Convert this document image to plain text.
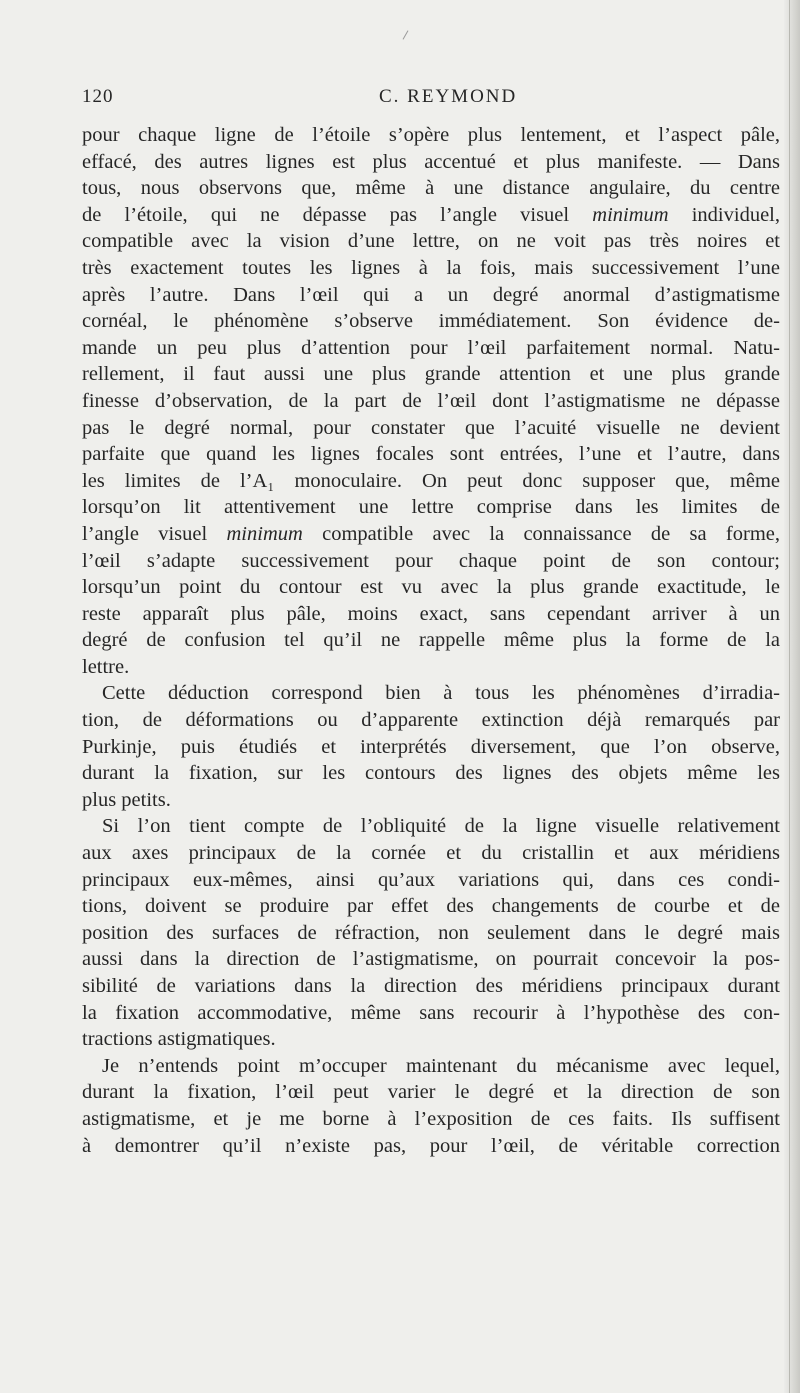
120	C. REYMOND
pour chaque ligne de l’étoile s’opère plus lentement, et l’aspect pâle,
effacé, des autres lignes est plus accentué et plus manifeste. — Dans
tous, nous observons que, même à une distance angulaire, du centre
de l’étoile, qui ne dépasse pas l’angle visuel minimum individuel,
compatible avec la vision d’une lettre, on ne voit pas très noires et
très exactement toutes les lignes à la fois, mais successivement l’une
après l’autre. Dans l’œil qui a un degré anormal d’astigmatisme
cornéal, le phénomène s’observe immédiatement. Son évidence de-
mande un peu plus d’attention pour l’œil parfaitement normal. Natu-
rellement, il faut aussi une plus grande attention et une plus grande
finesse d’observation, de la part de l’œil dont l’astigmatisme ne dépasse
pas le degré normal, pour constater que l’acuité visuelle ne devient
parfaite que quand les lignes focales sont entrées, l’une et l’autre, dans
les limites de l’A₁ monoculaire. On peut donc supposer que, même
lorsqu’on lit attentivement une lettre comprise dans les limites de
l’angle visuel minimum compatible avec la connaissance de sa forme,
l’œil s’adapte successivement pour chaque point de son contour;
lorsqu’un point du contour est vu avec la plus grande exactitude, le
reste apparaît plus pâle, moins exact, sans cependant arriver à un
degré de confusion tel qu’il ne rappelle même plus la forme de la
lettre.
Cette déduction correspond bien à tous les phénomènes d’irradia-
tion, de déformations ou d’apparente extinction déjà remarqués par
Purkinje, puis étudiés et interprétés diversement, que l’on observe,
durant la fixation, sur les contours des lignes des objets même les
plus petits.
Si l’on tient compte de l’obliquité de la ligne visuelle relativement
aux axes principaux de la cornée et du cristallin et aux méridiens
principaux eux-mêmes, ainsi qu’aux variations qui, dans ces condi-
tions, doivent se produire par effet des changements de courbe et de
position des surfaces de réfraction, non seulement dans le degré mais
aussi dans la direction de l’astigmatisme, on pourrait concevoir la pos-
sibilité de variations dans la direction des méridiens principaux durant
la fixation accommodative, même sans recourir à l’hypothèse des con-
tractions astigmatiques.
Je n’entends point m’occuper maintenant du mécanisme avec lequel,
durant la fixation, l’œil peut varier le degré et la direction de son
astigmatisme, et je me borne à l’exposition de ces faits. Ils suffisent
à demontrer qu’il n’existe pas, pour l’œil, de véritable correction
